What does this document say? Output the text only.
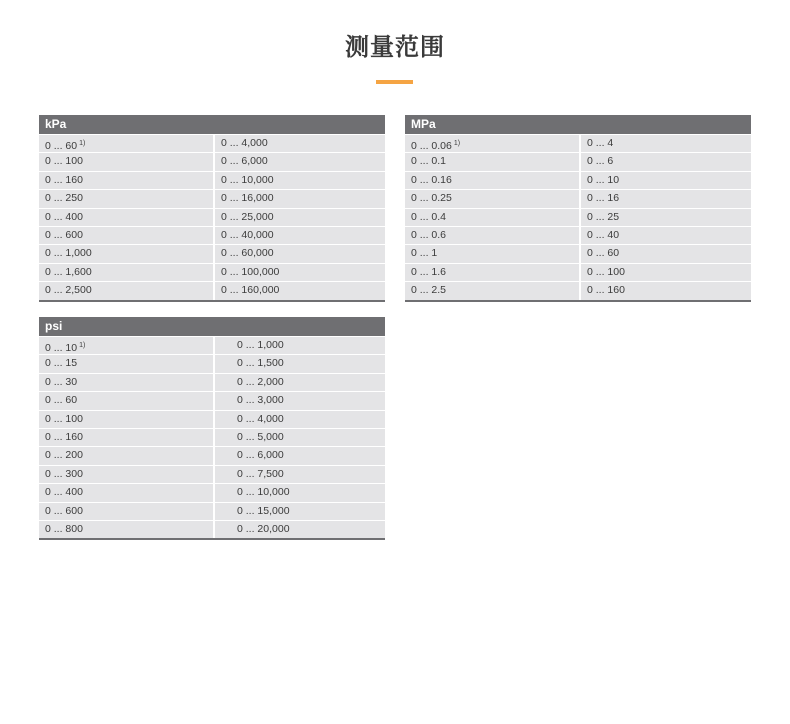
测量范围
kPa
0 ... 60 $^{1)}$	0 ... 4,000
0 ... 100	0 ... 6,000
0 ... 160	0 ... 10,000
0 ... 250	0 ... 16,000
0 ... 400	0 ... 25,000
0 ... 600	0 ... 40,000
0 ... 1,000	0 ... 60,000
0 ... 1,600	0 ... 100,000
0 ... 2,500	0 ... 160,000
MPa
0 ... 0.06 $^{1)}$	0 ... 4
0 ... 0.1	0 ... 6
0 ... 0.16	0 ... 10
0 ... 0.25	0 ... 16
0 ... 0.4	0 ... 25
0 ... 0.6	0 ... 40
0 ... 1	0 ... 60
0 ... 1.6	0 ... 100
0 ... 2.5	0 ... 160
psi
0 ... 10 $^{1)}$	0 ... 1,000
0 ... 15	0 ... 1,500
0 ... 30	0 ... 2,000
0 ... 60	0 ... 3,000
0 ... 100	0 ... 4,000
0 ... 160	0 ... 5,000
0 ... 200	0 ... 6,000
0 ... 300	0 ... 7,500
0 ... 400	0 ... 10,000
0 ... 600	0 ... 15,000
0 ... 800	0 ... 20,000
